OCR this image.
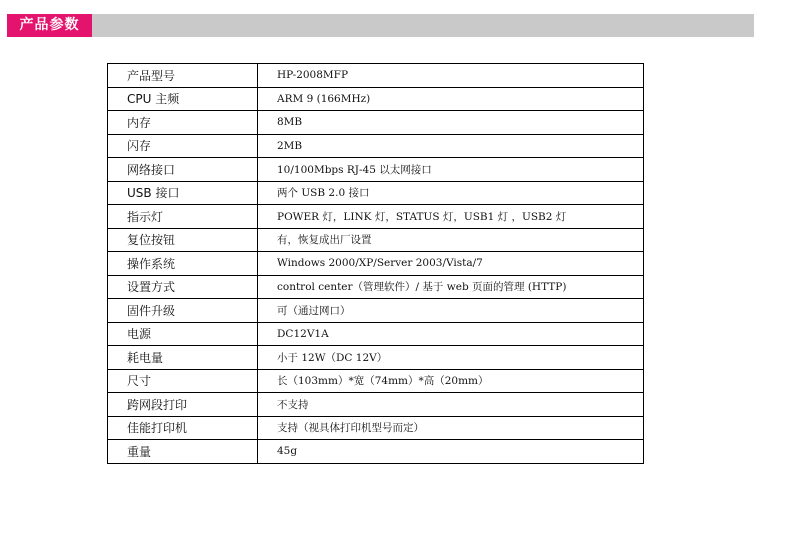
产品参数
产品型号	HP-2008MFP
CPU 主频	ARM 9 (166MHz)
内存	8MB
闪存	2MB
网络接口	10/100Mbps RJ-45 以太网接口
USB 接口	两个 USB 2.0 接口
指示灯	POWER 灯，LINK 灯，STATUS 灯，USB1 灯 ，USB2 灯
复位按钮	有，恢复成出厂设置
操作系统	Windows 2000/XP/Server 2003/Vista/7
设置方式	control center（管理软件）/ 基于 web 页面的管理 (HTTP)
固件升级	可（通过网口）
电源	DC12V1A
耗电量	小于 12W（DC 12V）
尺寸	长（103mm）*宽（74mm）*高（20mm）
跨网段打印	不支持
佳能打印机	支持（视具体打印机型号而定）
重量	45g
